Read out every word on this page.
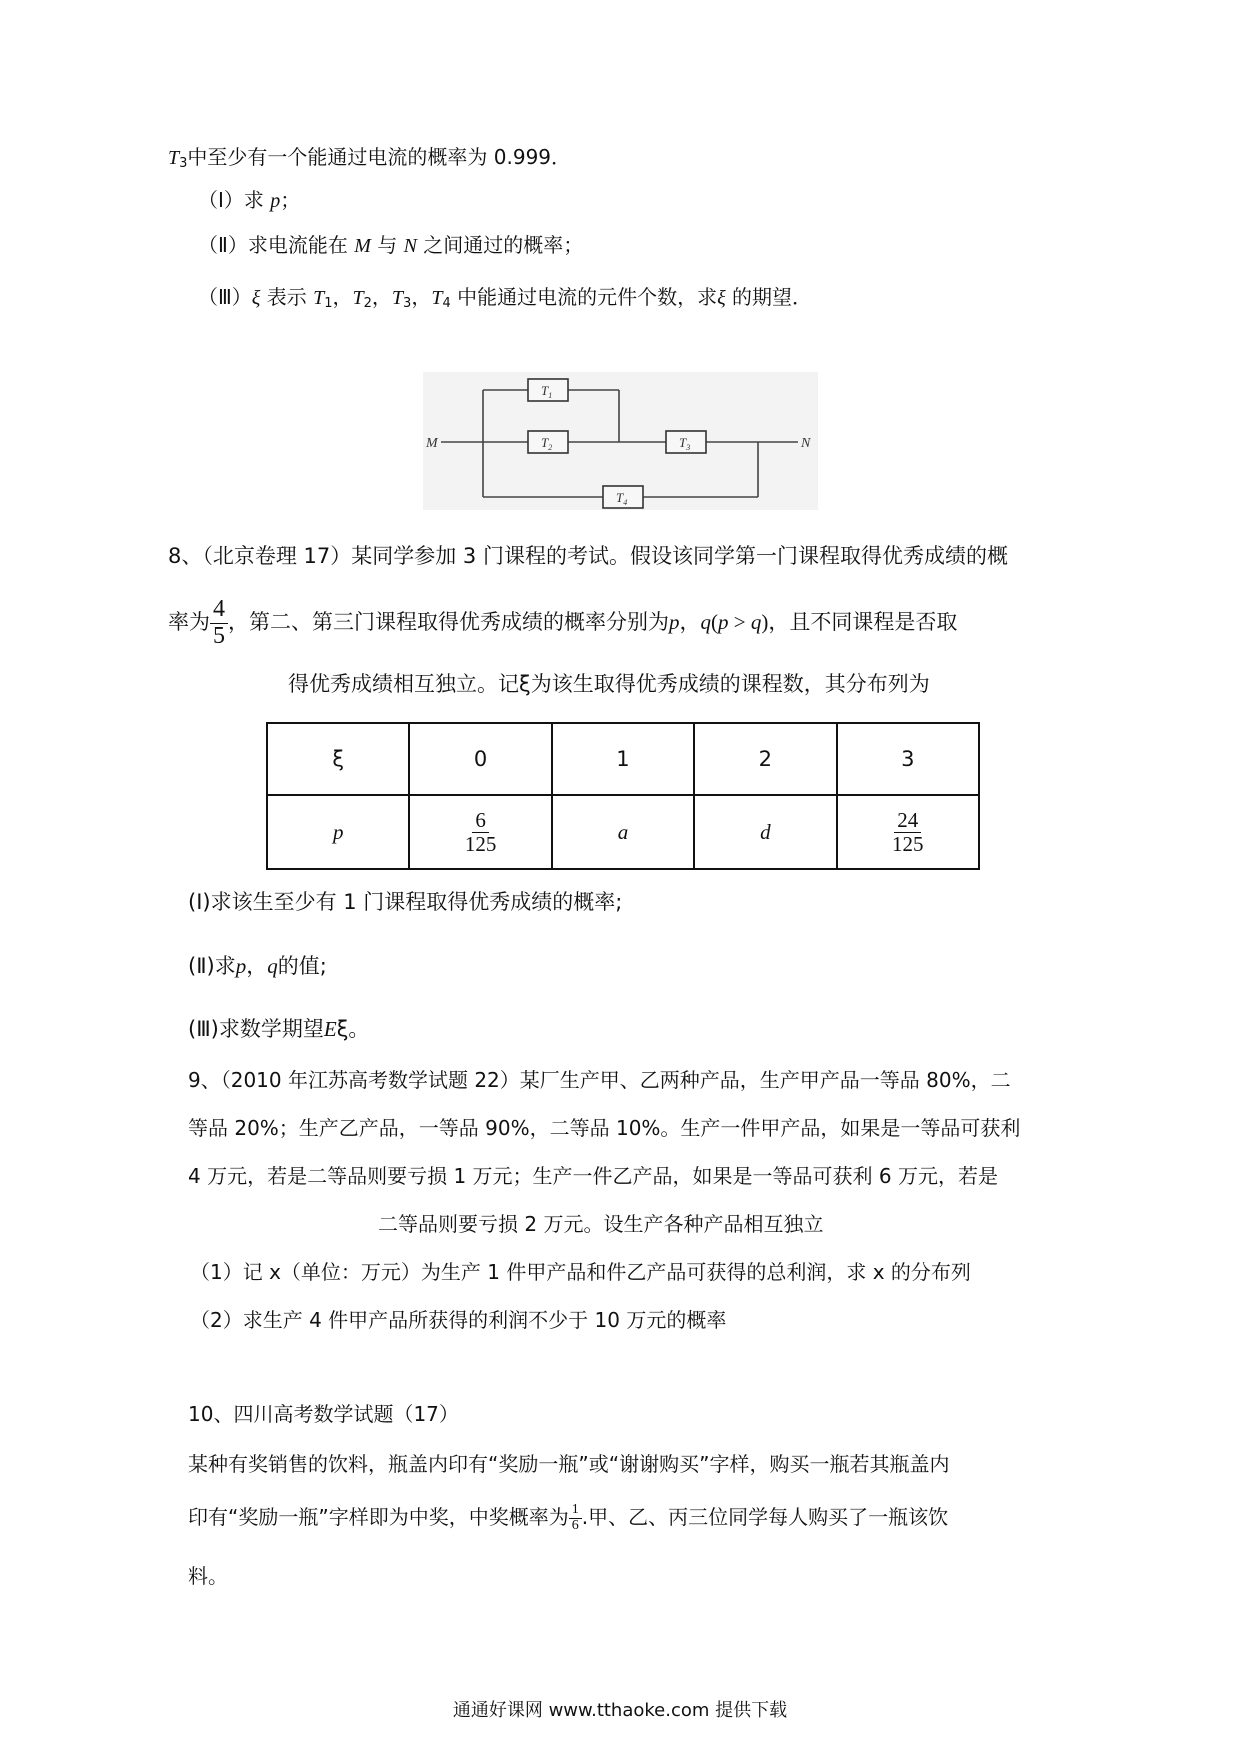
$T_3$中至少有一个能通过电流的概率为 0.999．
（Ⅰ）求 p；
（Ⅱ）求电流能在 M 与 N 之间通过的概率；
（Ⅲ）ξ 表示 $T_1$，$T_2$，$T_3$，$T_4$ 中能通过电流的元件个数，求ξ 的期望．
$T_1$
$T_2$	$T_3$
$T_4$
M	N
8、（北京卷理 17）某同学参加 3 门课程的考试。假设该同学第一门课程取得优秀成绩的概
率为 $\frac{4}{5}$ ，第二、第三门课程取得优秀成绩的概率分别为p，q(p > q)，且不同课程是否取
得优秀成绩相互独立。记ξ为该生取得优秀成绩的课程数，其分布列为
ξ	0	1	2	3
p	$\frac{6}{125}$	a	d	$\frac{24}{125}$
(Ⅰ)求该生至少有 1 门课程取得优秀成绩的概率;
(Ⅱ)求p，q的值;
(Ⅲ)求数学期望Eξ。
9、（2010 年江苏高考数学试题 22）某厂生产甲、乙两种产品，生产甲产品一等品 80%，二
等品 20%；生产乙产品，一等品 90%，二等品 10%。生产一件甲产品，如果是一等品可获利
4 万元，若是二等品则要亏损 1 万元；生产一件乙产品，如果是一等品可获利 6 万元，若是
二等品则要亏损 2 万元。设生产各种产品相互独立
（1）记 x（单位：万元）为生产 1 件甲产品和件乙产品可获得的总利润，求 x 的分布列
（2）求生产 4 件甲产品所获得的利润不少于 10 万元的概率
10、四川高考数学试题（17）
某种有奖销售的饮料，瓶盖内印有“奖励一瓶”或“谢谢购买”字样，购买一瓶若其瓶盖内
印有“奖励一瓶”字样即为中奖，中奖概率为 $\frac{1}{6}$ .甲、乙、丙三位同学每人购买了一瓶该饮
料。
通通好课网 www.tthaoke.com 提供下载
